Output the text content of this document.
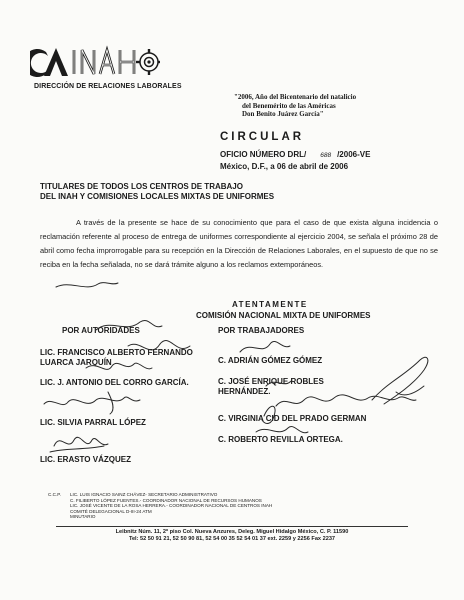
DIRECCIÓN DE RELACIONES LABORALES
"2006, Año del Bicentenario del natalicio
del Benemérito de las Américas
Don Benito Juárez García"
CIRCULAR
OFICIO NÚMERO DRL/ 688 /2006-VE
México, D.F., a 06 de abril de 2006
TITULARES DE TODOS LOS CENTROS DE TRABAJO
DEL INAH Y COMISIONES LOCALES MIXTAS DE UNIFORMES

A través de la presente se hace de su conocimiento que para el caso de que exista alguna incidencia o reclamación referente al proceso de entrega de uniformes correspondiente al ejercicio 2004, se señala el próximo 28 de abril como fecha improrrogable para su recepción en la Dirección de Relaciones Laborales, en el supuesto de que no se reciba en la fecha señalada, no se dará trámite alguno a los reclamos extemporáneos.

ATENTAMENTE
COMISIÓN NACIONAL MIXTA DE UNIFORMES
POR AUTORIDADES	POR TRABAJADORES
LIC. FRANCISCO ALBERTO FERNANDO
LUARCA JARQUÍN
LIC. J. ANTONIO DEL CORRO GARCÍA.
LIC. SILVIA PARRAL LÓPEZ
LIC. ERASTO VÁZQUEZ
C. ADRIÁN GÓMEZ GÓMEZ
C. JOSÉ ENRIQUE ROBLES
HERNÁNDEZ.
C. VIRGINIA CID DEL PRADO GERMAN
C. ROBERTO REVILLA ORTEGA.
C.C.P. LIC. LUIS IGNACIO SAINZ CHÁVEZ- SECRETARIO ADMINISTRATIVO
C. FILIBERTO LÓPEZ FUENTES.- COORDINADOR NACIONAL DE RECURSOS HUMANOS
LIC. JOSÉ VICENTE DE LA ROSA HERRERA.- COORDINADOR NACIONAL DE CENTROS INAH
COMITÉ DELEGACIONAL D-III-24 ATM
MINUTARIO
Leibnitz Núm. 11, 2º piso Col. Nueva Anzures, Deleg. Miguel Hidalgo México, C. P. 11590
Tel: 52 50 91 21, 52 50 90 81, 52 54 00 35 52 54 01 37 ext. 2259 y 2256 Fax 2237
